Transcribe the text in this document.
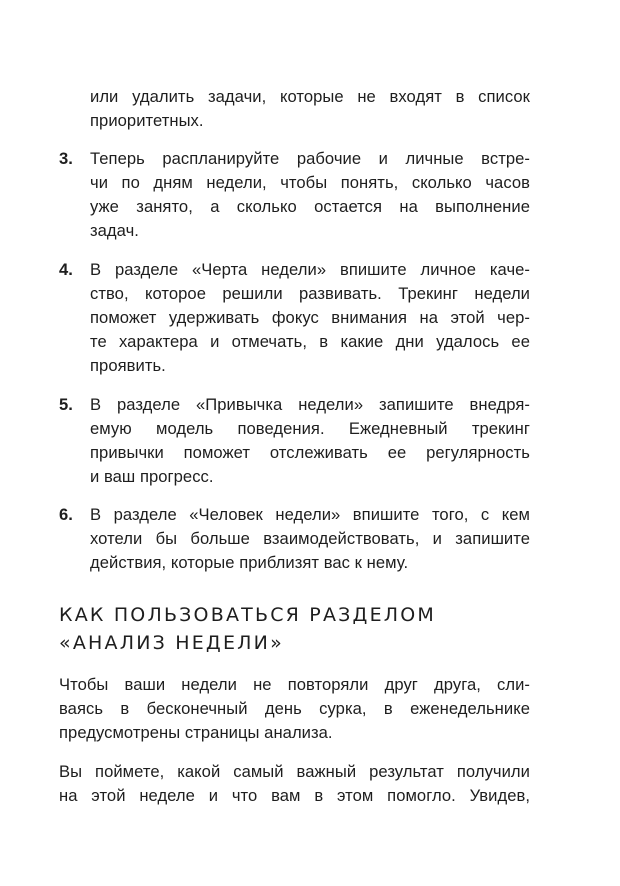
или удалить задачи, которые не входят в список
приоритетных.
3.	Теперь распланируйте рабочие и личные встре-
чи по дням недели, чтобы понять, сколько часов
уже занято, а сколько остается на выполнение
задач.
4.	В разделе «Черта недели» впишите личное каче-
ство, которое решили развивать. Трекинг недели
поможет удерживать фокус внимания на этой чер-
те характера и отмечать, в какие дни удалось ее
проявить.
5.	В разделе «Привычка недели» запишите внедря-
емую модель поведения. Ежедневный трекинг
привычки поможет отслеживать ее регулярность
и ваш прогресс.
6.	В разделе «Человек недели» впишите того, с кем
хотели бы больше взаимодействовать, и запишите
действия, которые приблизят вас к нему.
КАК ПОЛЬЗОВАТЬСЯ РАЗДЕЛОМ
«АНАЛИЗ НЕДЕЛИ»
Чтобы ваши недели не повторяли друг друга, сли-
ваясь в бесконечный день сурка, в еженедельнике
предусмотрены страницы анализа.
Вы поймете, какой самый важный результат получили
на этой неделе и что вам в этом помогло. Увидев,
